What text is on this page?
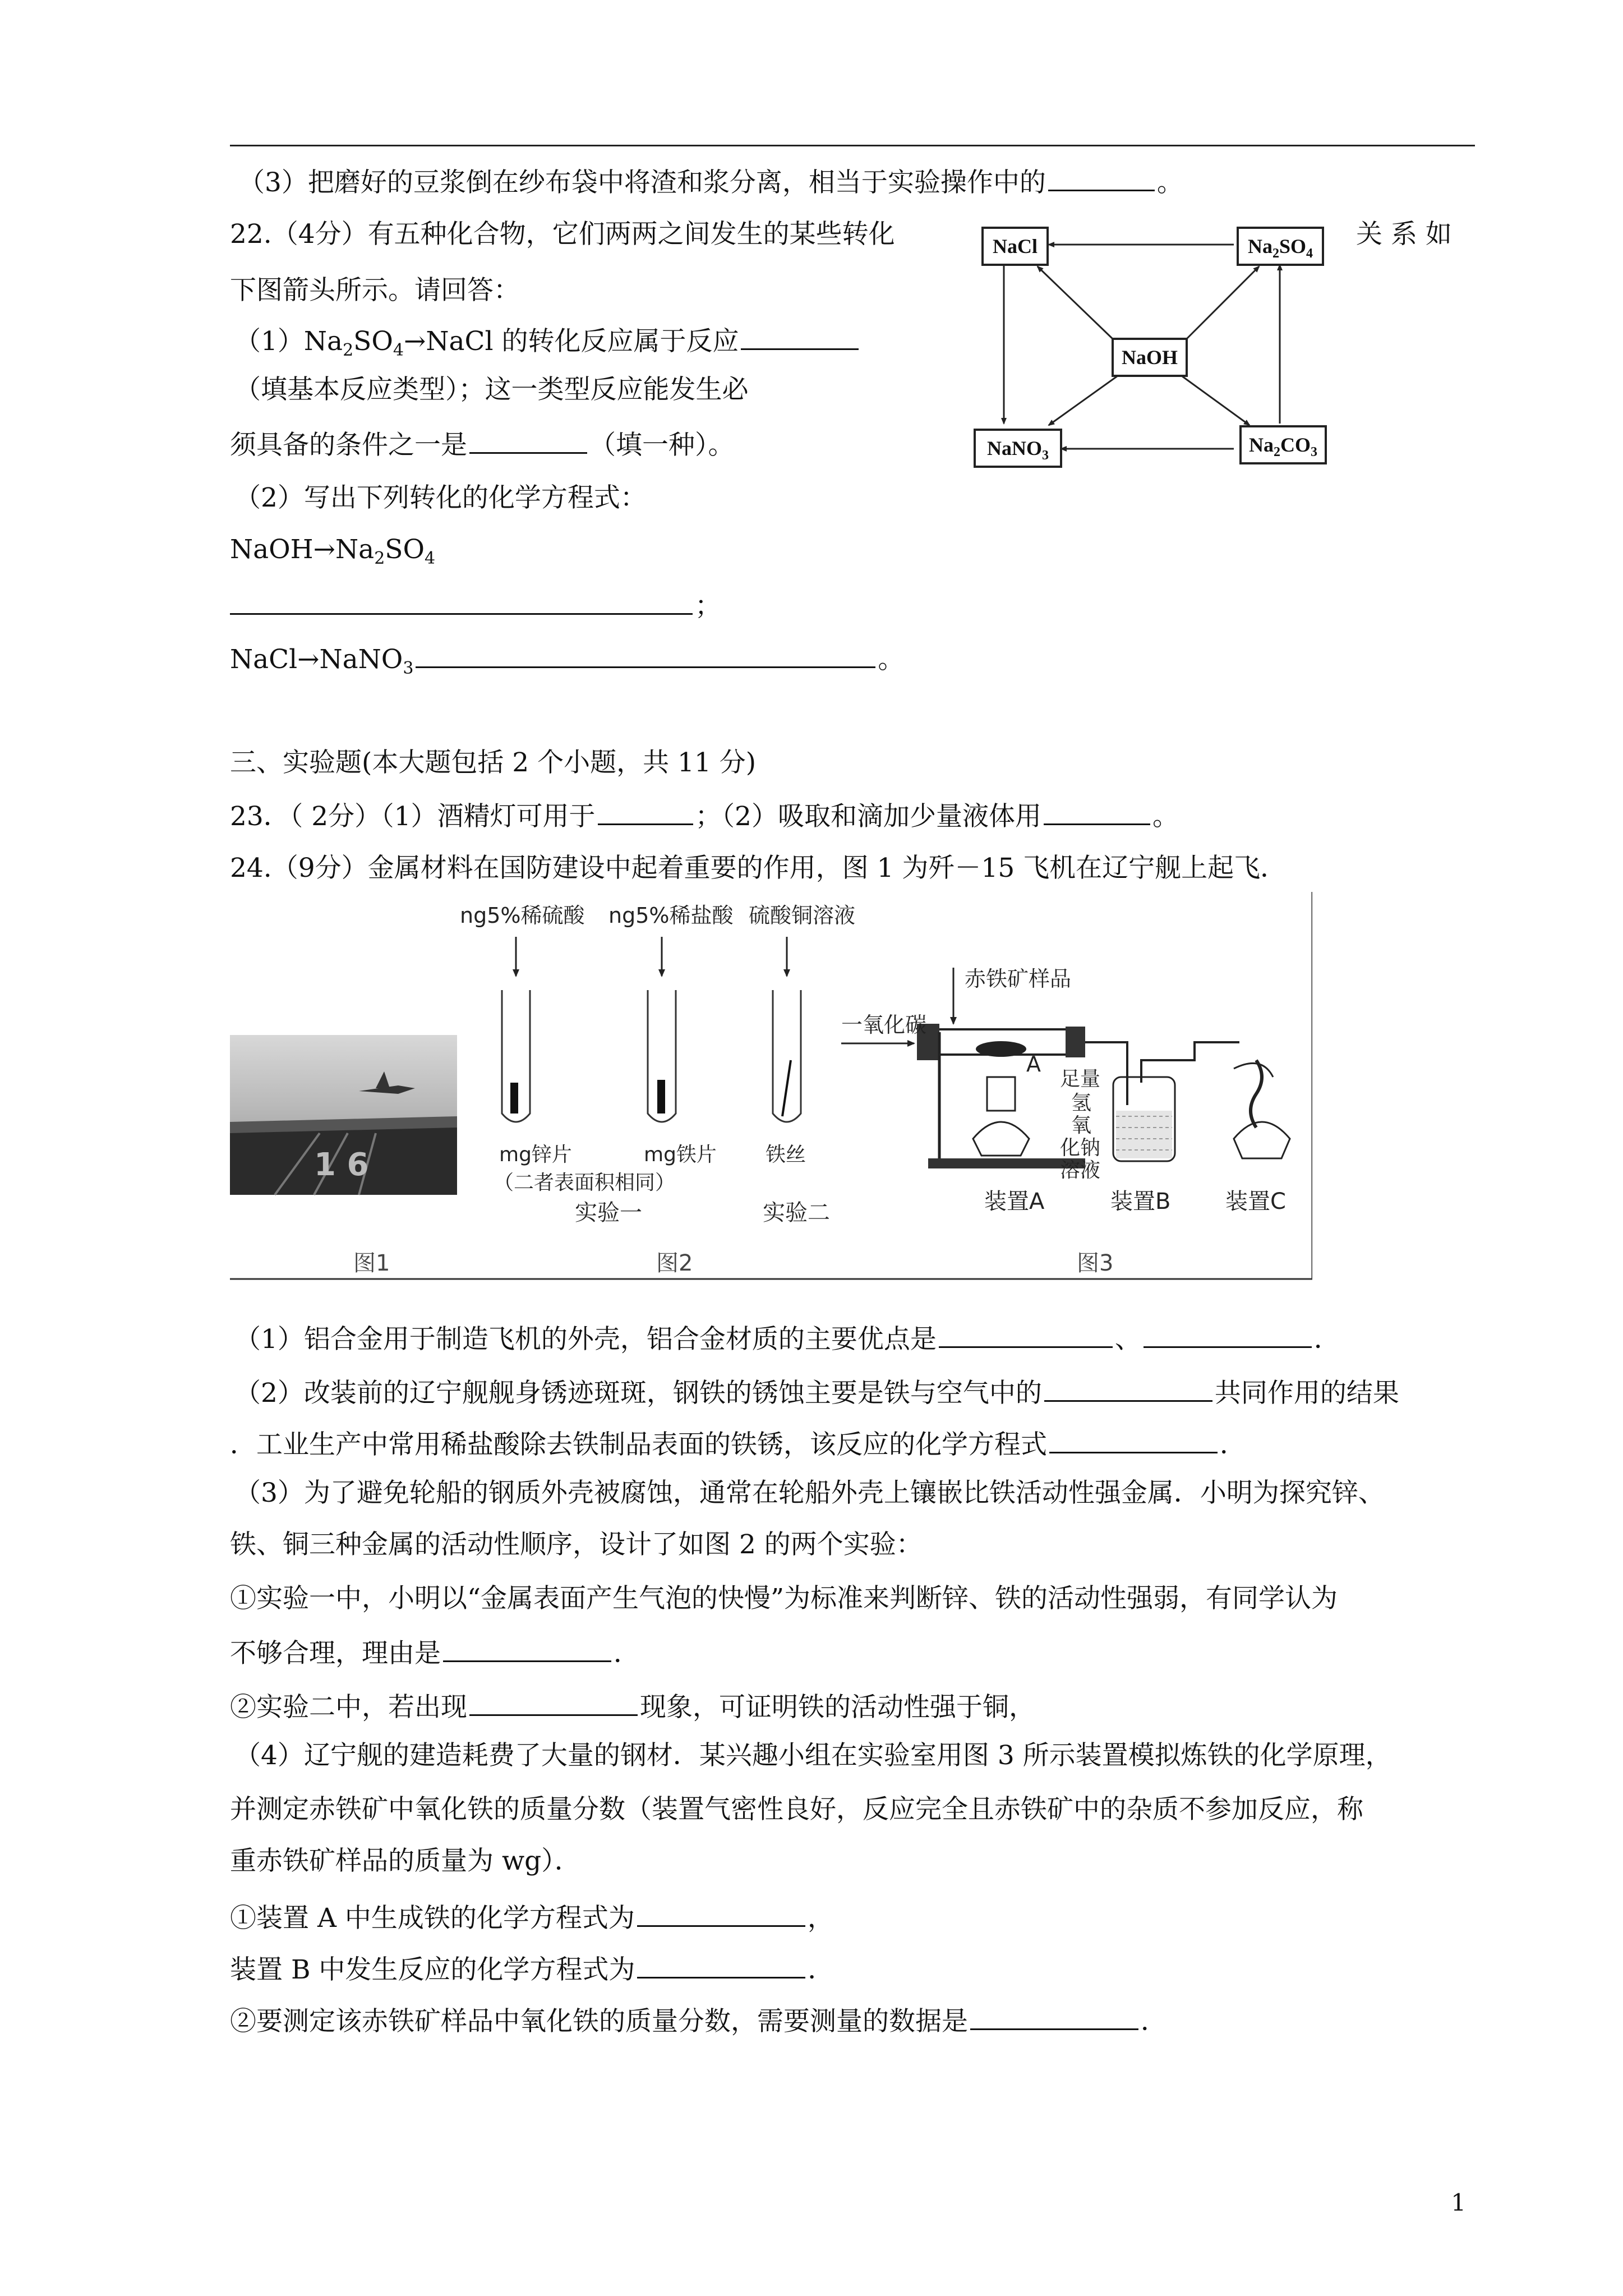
（3）把磨好的豆浆倒在纱布袋中将渣和浆分离，相当于实验操作中的	。
22.（4分）有五种化合物，它们两两之间发生的某些转化	关 系 如
下图箭头所示。请回答：
$(1)Na_2SO_4\to NaCl$ 的转化反应属于反应
（填基本反应类型）；这一类型反应能发生必
须具备的条件之一是	（填一种）。
（2）写出下列转化的化学方程式：
$NaOH\to Na_2SO_4$
；
NaCl→NaNO$_3$	。
NaCl	$Na_2SO_4$
NaOH
NaNO$_3$	$Na_2CO_3$
三、实验题(本大题包括 2 个小题，共 11 分)
23．（ 2分）（1）酒精灯可用于	；（2）吸取和滴加少量液体用	。
24.（9分）金属材料在国防建设中起着重要的作用，图 1 为歼－15 飞机在辽宁舰上起飞．
1 6
ng5%稀硫酸 ng5%稀盐酸 硫酸铜溶液
mg锌片	mg铁片
（二者表面积相同）
实验一
铁丝
实验二
一氧化碳
赤铁矿样品
A
足量
氢
氧
化钠
溶液
装置A	装置B 装置C
图1	图2	图3
（1）铝合金用于制造飞机的外壳，铝合金材质的主要优点是	、	．
（2）改装前的辽宁舰舰身锈迹斑斑，钢铁的锈蚀主要是铁与空气中的	共同作用的结果
．工业生产中常用稀盐酸除去铁制品表面的铁锈，该反应的化学方程式	．
（3）为了避免轮船的钢质外壳被腐蚀，通常在轮船外壳上镶嵌比铁活动性强金属．小明为探究锌、
铁、铜三种金属的活动性顺序，设计了如图 2 的两个实验：
①实验一中，小明以“金属表面产生气泡的快慢”为标准来判断锌、铁的活动性强弱，有同学认为
不够合理，理由是	．
②实验二中，若出现	现象，可证明铁的活动性强于铜，
（4）辽宁舰的建造耗费了大量的钢材．某兴趣小组在实验室用图 3 所示装置模拟炼铁的化学原理，
并测定赤铁矿中氧化铁的质量分数（装置气密性良好，反应完全且赤铁矿中的杂质不参加反应，称
重赤铁矿样品的质量为 wg）．
①装置 A 中生成铁的化学方程式为	，
装置 B 中发生反应的化学方程式为	．
②要测定该赤铁矿样品中氧化铁的质量分数，需要测量的数据是	．
1
